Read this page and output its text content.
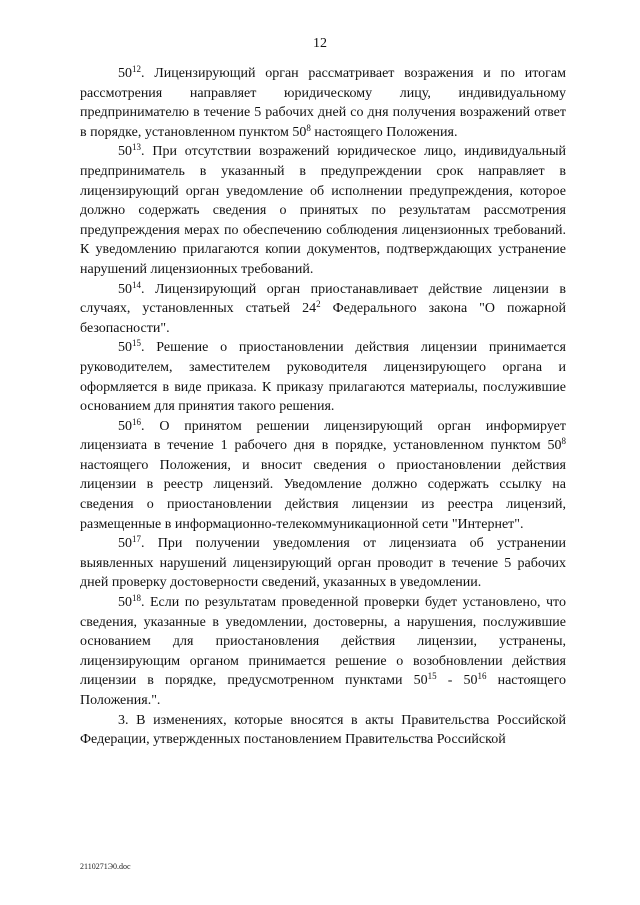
12

$50^{12}$. Лицензирующий орган рассматривает возражения и по итогам рассмотрения направляет юридическому лицу, индивидуальному предпринимателю в течение 5 рабочих дней со дня получения возражений ответ в порядке, установленном пунктом $50^8$ настоящего Положения.

$50^{13}$. При отсутствии возражений юридическое лицо, индивидуальный предприниматель в указанный в предупреждении срок направляет в лицензирующий орган уведомление об исполнении предупреждения, которое должно содержать сведения о принятых по результатам рассмотрения предупреждения мерах по обеспечению соблюдения лицензионных требований. К уведомлению прилагаются копии документов, подтверждающих устранение нарушений лицензионных требований.

$50^{14}$. Лицензирующий орган приостанавливает действие лицензии в случаях, установленных статьей $24^2$ Федерального закона "О пожарной безопасности".

$50^{15}$. Решение о приостановлении действия лицензии принимается руководителем, заместителем руководителя лицензирующего органа и оформляется в виде приказа. К приказу прилагаются материалы, послужившие основанием для принятия такого решения.

$50^{16}$. О принятом решении лицензирующий орган информирует лицензиата в течение 1 рабочего дня в порядке, установленном пунктом $50^8$ настоящего Положения, и вносит сведения о приостановлении действия лицензии в реестр лицензий. Уведомление должно содержать ссылку на сведения о приостановлении действия лицензии из реестра лицензий, размещенные в информационно-телекоммуникационной сети "Интернет".

$50^{17}$. При получении уведомления от лицензиата об устранении выявленных нарушений лицензирующий орган проводит в течение 5 рабочих дней проверку достоверности сведений, указанных в уведомлении.

$50^{18}$. Если по результатам проведенной проверки будет установлено, что сведения, указанные в уведомлении, достоверны, а нарушения, послужившие основанием для приостановления действия лицензии, устранены, лицензирующим органом принимается решение о возобновлении действия лицензии в порядке, предусмотренном пунктами $50^{15} - 50^{16}$ настоящего Положения.".

3. В изменениях, которые вносятся в акты Правительства Российской Федерации, утвержденных постановлением Правительства Российской

2110271Э0.doc
